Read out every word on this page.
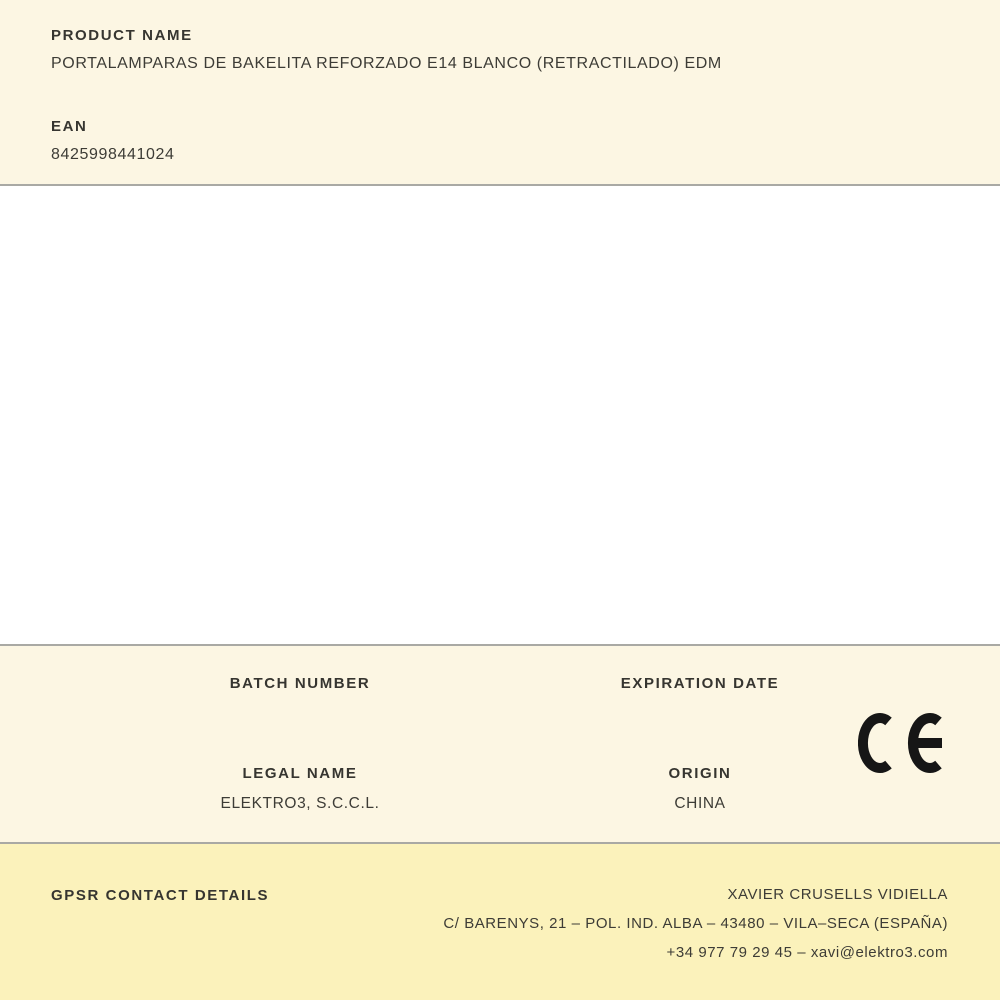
PRODUCT NAME
PORTALAMPARAS DE BAKELITA REFORZADO E14 BLANCO (RETRACTILADO) EDM
EAN
8425998441024
BATCH NUMBER	EXPIRATION DATE
LEGAL NAME
ELEKTRO3, S.C.C.L.
ORIGIN
CHINA
GPSR CONTACT DETAILS	XAVIER CRUSELLS VIDIELLA
C/ BARENYS, 21 – POL. IND. ALBA – 43480 – VILA–SECA (ESPAÑA)
+34 977 79 29 45 – xavi@elektro3.com
